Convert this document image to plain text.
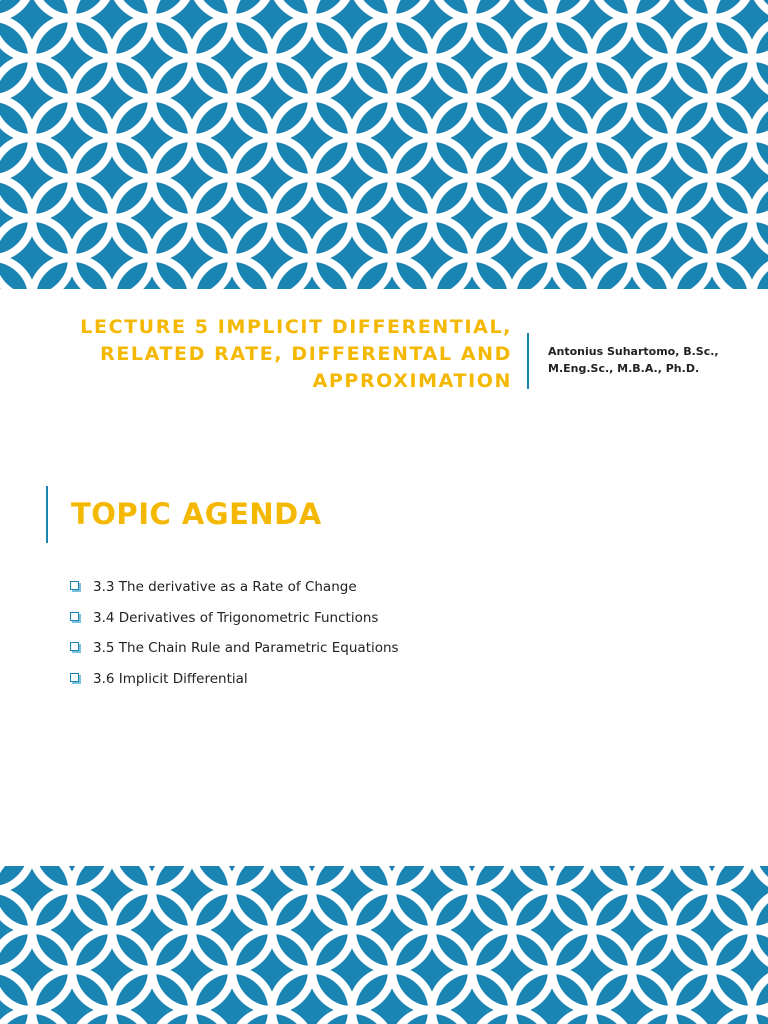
LECTURE 5 IMPLICIT DIFFERENTIAL, RELATED RATE, DIFFERENTAL AND APPROXIMATION
Antonius Suhartomo, B.Sc.,
M.Eng.Sc., M.B.A., Ph.D.
TOPIC AGENDA
3.3 The derivative as a Rate of Change
3.4 Derivatives of Trigonometric Functions
3.5 The Chain Rule and Parametric Equations
3.6 Implicit Differential
